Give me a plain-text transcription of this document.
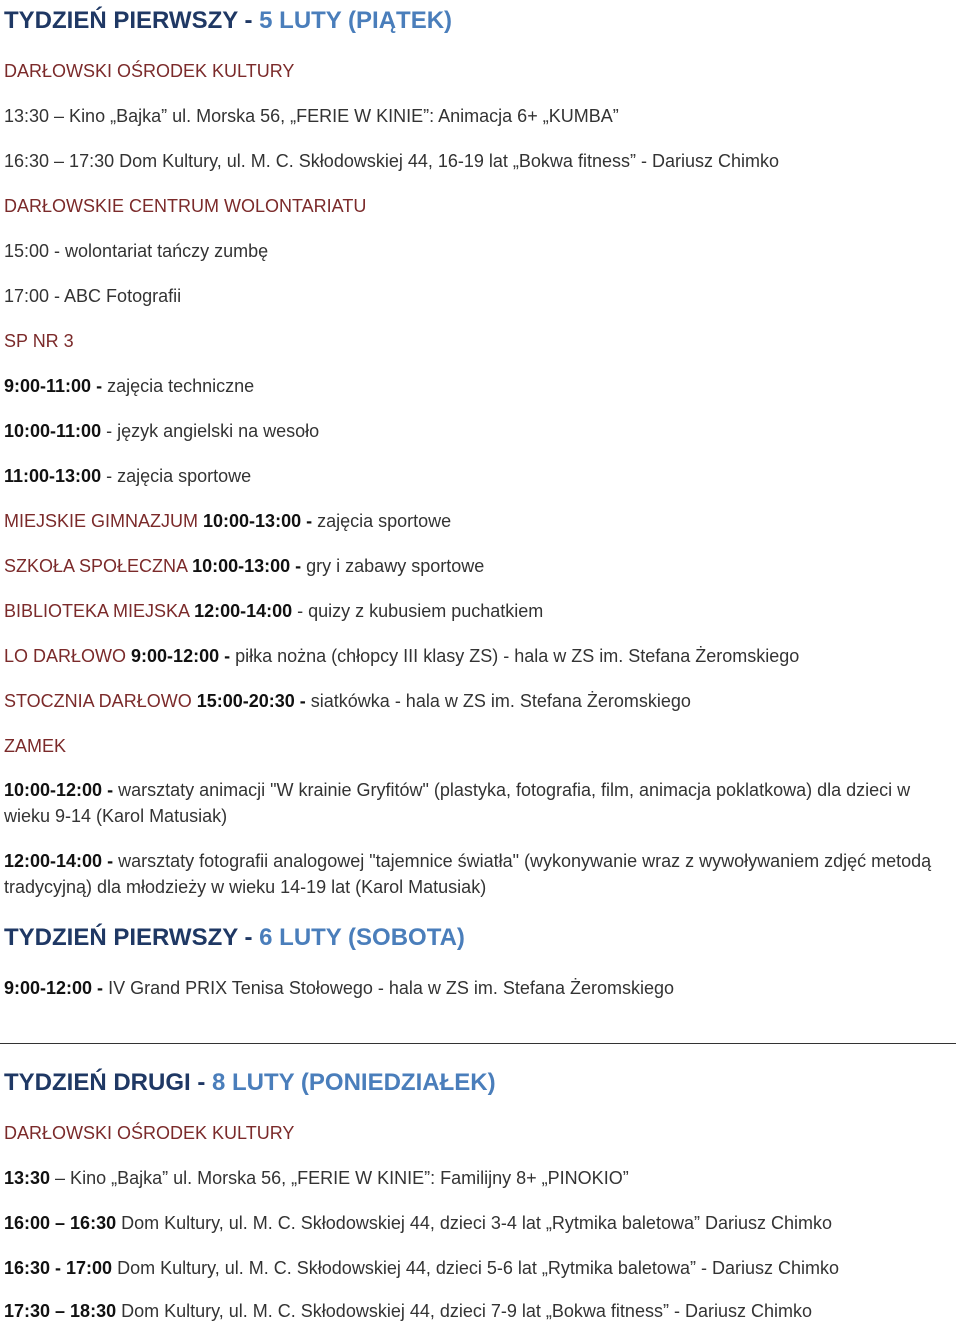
TYDZIEŃ PIERWSZY - 5 LUTY (PIĄTEK)
DARŁOWSKI OŚRODEK KULTURY
13:30 – Kino „Bajka” ul. Morska 56, „FERIE W KINIE”: Animacja 6+ „KUMBA”
16:30 – 17:30 Dom Kultury, ul. M. C. Skłodowskiej 44, 16-19 lat „Bokwa fitness” - Dariusz Chimko
DARŁOWSKIE CENTRUM WOLONTARIATU
15:00 - wolontariat tańczy zumbę
17:00 - ABC Fotografii
SP NR 3
9:00-11:00 - zajęcia techniczne
10:00-11:00 - język angielski na wesoło
11:00-13:00 - zajęcia sportowe
MIEJSKIE GIMNAZJUM 10:00-13:00 - zajęcia sportowe
SZKOŁA SPOŁECZNA 10:00-13:00 - gry i zabawy sportowe
BIBLIOTEKA MIEJSKA 12:00-14:00 - quizy z kubusiem puchatkiem
LO DARŁOWO 9:00-12:00 - piłka nożna (chłopcy III klasy ZS) - hala w ZS im. Stefana Żeromskiego
STOCZNIA DARŁOWO 15:00-20:30 - siatkówka - hala w ZS im. Stefana Żeromskiego
ZAMEK
10:00-12:00 - warsztaty animacji "W krainie Gryfitów" (plastyka, fotografia, film, animacja poklatkowa) dla dzieci w wieku 9-14 (Karol Matusiak)
12:00-14:00 - warsztaty fotografii analogowej "tajemnice światła" (wykonywanie wraz z wywoływaniem zdjęć metodą tradycyjną) dla młodzieży w wieku 14-19 lat (Karol Matusiak)
TYDZIEŃ PIERWSZY - 6 LUTY (SOBOTA)
9:00-12:00 - IV Grand PRIX Tenisa Stołowego - hala w ZS im. Stefana Żeromskiego
TYDZIEŃ DRUGI - 8 LUTY (PONIEDZIAŁEK)
DARŁOWSKI OŚRODEK KULTURY
13:30 – Kino „Bajka” ul. Morska 56, „FERIE W KINIE”: Familijny 8+ „PINOKIO”
16:00 – 16:30 Dom Kultury, ul. M. C. Skłodowskiej 44, dzieci 3-4 lat „Rytmika baletowa” Dariusz Chimko
16:30 - 17:00 Dom Kultury, ul. M. C. Skłodowskiej 44, dzieci 5-6 lat „Rytmika baletowa” - Dariusz Chimko
17:30 – 18:30 Dom Kultury, ul. M. C. Skłodowskiej 44, dzieci 7-9 lat „Bokwa fitness” - Dariusz Chimko
